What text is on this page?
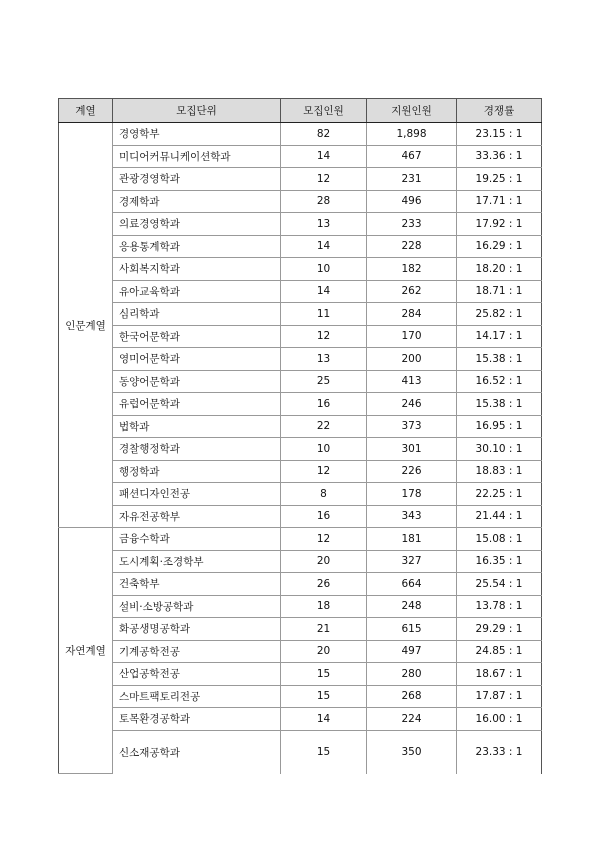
계열	모집단위	모집인원	지원인원	경쟁률
인문계열	경영학부	82	1,898	23.15 : 1
	미디어커뮤니케이션학과	14	467	33.36 : 1
	관광경영학과	12	231	19.25 : 1
	경제학과	28	496	17.71 : 1
	의료경영학과	13	233	17.92 : 1
	응용통계학과	14	228	16.29 : 1
	사회복지학과	10	182	18.20 : 1
	유아교육학과	14	262	18.71 : 1
	심리학과	11	284	25.82 : 1
	한국어문학과	12	170	14.17 : 1
	영미어문학과	13	200	15.38 : 1
	동양어문학과	25	413	16.52 : 1
	유럽어문학과	16	246	15.38 : 1
	법학과	22	373	16.95 : 1
	경찰행정학과	10	301	30.10 : 1
	행정학과	12	226	18.83 : 1
	패션디자인전공	8	178	22.25 : 1
	자유전공학부	16	343	21.44 : 1
자연계열	금융수학과	12	181	15.08 : 1
	도시계획·조경학부	20	327	16.35 : 1
	건축학부	26	664	25.54 : 1
	설비·소방공학과	18	248	13.78 : 1
	화공생명공학과	21	615	29.29 : 1
	기계공학전공	20	497	24.85 : 1
	산업공학전공	15	280	18.67 : 1
	스마트팩토리전공	15	268	17.87 : 1
	토목환경공학과	14	224	16.00 : 1
	신소재공학과	15	350	23.33 : 1
